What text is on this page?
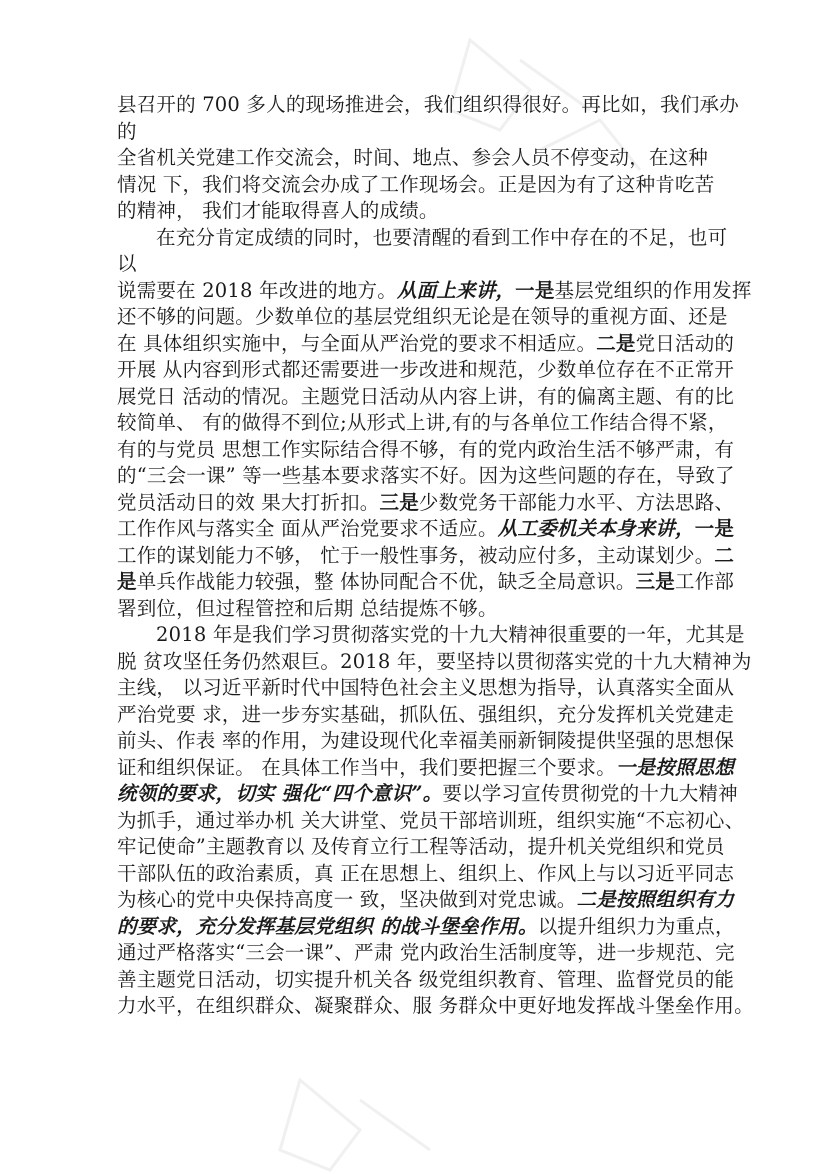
县召开的 700 多人的现场推进会，我们组织得很好。再比如，我们承办
的
全省机关党建工作交流会，时间、地点、参会人员不停变动，在这种
情况 下，我们将交流会办成了工作现场会。正是因为有了这种肯吃苦
的精神， 我们才能取得喜人的成绩。
在充分肯定成绩的同时，也要清醒的看到工作中存在的不足，也可
以
说需要在 2018 年改进的地方。从面上来讲，一是基层党组织的作用发挥
还不够的问题。少数单位的基层党组织无论是在领导的重视方面、还是
在 具体组织实施中，与全面从严治党的要求不相适应。二是党日活动的
开展 从内容到形式都还需要进一步改进和规范，少数单位存在不正常开
展党日 活动的情况。主题党日活动从内容上讲，有的偏离主题、有的比
较简单、 有的做得不到位;从形式上讲,有的与各单位工作结合得不紧，
有的与党员 思想工作实际结合得不够，有的党内政治生活不够严肃，有
的“三会一课” 等一些基本要求落实不好。因为这些问题的存在，导致了
党员活动日的效 果大打折扣。三是少数党务干部能力水平、方法思路、
工作作风与落实全 面从严治党要求不适应。从工委机关本身来讲，一是
工作的谋划能力不够， 忙于一般性事务，被动应付多，主动谋划少。二
是单兵作战能力较强，整 体协同配合不优，缺乏全局意识。三是工作部
署到位，但过程管控和后期 总结提炼不够。
2018 年是我们学习贯彻落实党的十九大精神很重要的一年，尤其是
脱 贫攻坚任务仍然艰巨。2018 年，要坚持以贯彻落实党的十九大精神为
主线， 以习近平新时代中国特色社会主义思想为指导，认真落实全面从
严治党要 求，进一步夯实基础，抓队伍、强组织，充分发挥机关党建走
前头、作表 率的作用，为建设现代化幸福美丽新铜陵提供坚强的思想保
证和组织保证。 在具体工作当中，我们要把握三个要求。一是按照思想
统领的要求，切实 强化“四个意识”。要以学习宣传贯彻党的十九大精神
为抓手，通过举办机 关大讲堂、党员干部培训班，组织实施“不忘初心、
牢记使命”主题教育以 及传育立行工程等活动，提升机关党组织和党员
干部队伍的政治素质，真 正在思想上、组织上、作风上与以习近平同志
为核心的党中央保持高度一 致，坚决做到对党忠诚。二是按照组织有力
的要求，充分发挥基层党组织 的战斗堡垒作用。以提升组织力为重点，
通过严格落实“三会一课”、严肃 党内政治生活制度等，进一步规范、完
善主题党日活动，切实提升机关各 级党组织教育、管理、监督党员的能
力水平，在组织群众、凝聚群众、服 务群众中更好地发挥战斗堡垒作用。
